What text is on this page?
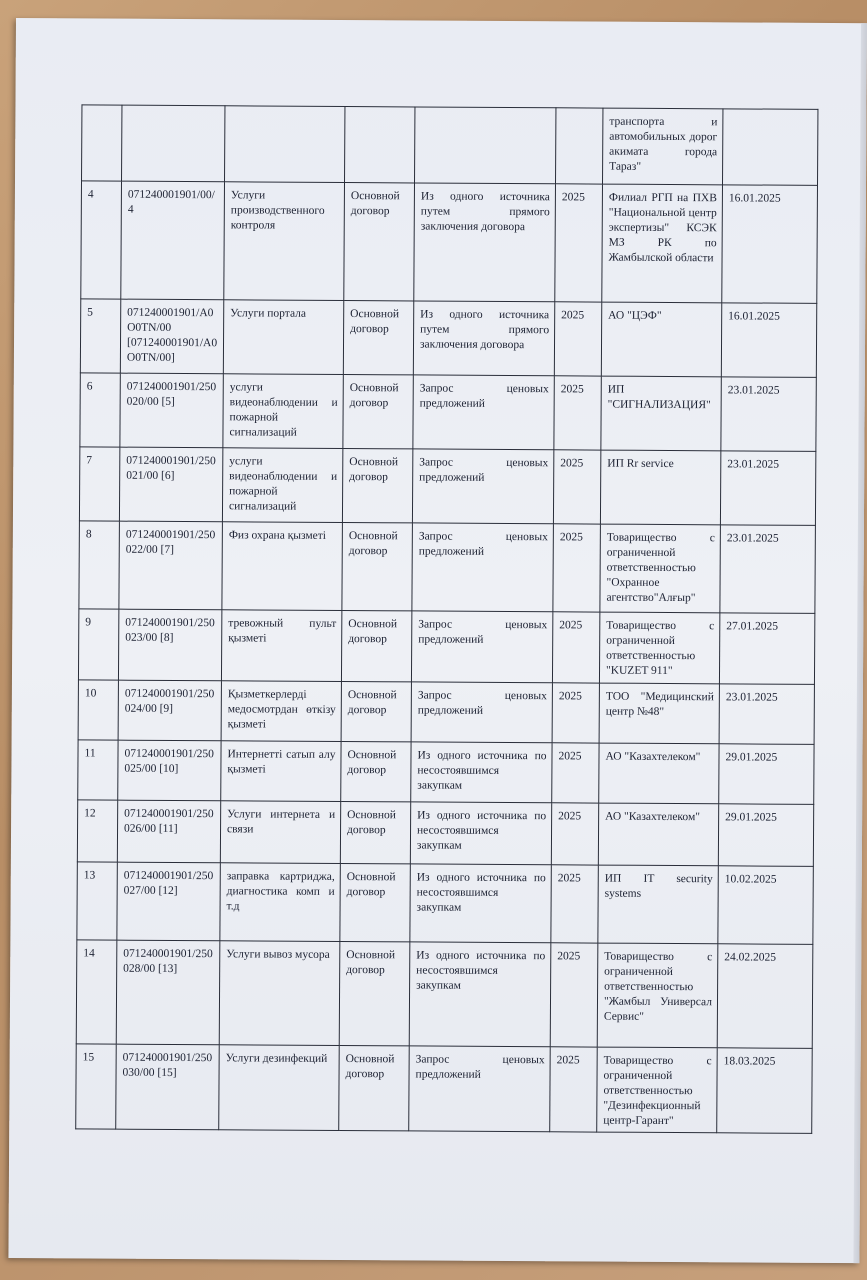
						транспорта и автомобильных дорог акимата города Тараз"	
4	071240001901/00/4	Услуги производственного контроля	Основной договор	Из одного источника путем прямого заключения договора	2025	Филиал РГП на ПХВ "Национальной центр экспертизы" КСЭК МЗ РК по Жамбылской области	16.01.2025
5	071240001901/A0O0TN/00 [071240001901/A0O0TN/00]	Услуги портала	Основной договор	Из одного источника путем прямого заключения договора	2025	АО "ЦЭФ"	16.01.2025
6	071240001901/250020/00 [5]	услуги видеонаблюдении и пожарной сигнализаций	Основной договор	Запрос ценовых предложений	2025	ИП "СИГНАЛИЗАЦИЯ"	23.01.2025
7	071240001901/250021/00 [6]	услуги видеонаблюдении и пожарной сигнализаций	Основной договор	Запрос ценовых предложений	2025	ИП Rr service	23.01.2025
8	071240001901/250022/00 [7]	Физ охрана қызметі	Основной договор	Запрос ценовых предложений	2025	Товарищество с ограниченной ответственностью "Охранное агентство"Алғыр"	23.01.2025
9	071240001901/250023/00 [8]	тревожный пульт қызметі	Основной договор	Запрос ценовых предложений	2025	Товарищество с ограниченной ответственностью "KUZET 911"	27.01.2025
10	071240001901/250024/00 [9]	Қызметкерлерді медосмотрдан өткізу қызметі	Основной договор	Запрос ценовых предложений	2025	ТОО "Медицинский центр №48"	23.01.2025
11	071240001901/250025/00 [10]	Интернетті сатып алу қызметі	Основной договор	Из одного источника по несостоявшимся закупкам	2025	АО "Казахтелеком"	29.01.2025
12	071240001901/250026/00 [11]	Услуги интернета и связи	Основной договор	Из одного источника по несостоявшимся закупкам	2025	АО "Казахтелеком"	29.01.2025
13	071240001901/250027/00 [12]	заправка картриджа, диагностика комп и т.д	Основной договор	Из одного источника по несостоявшимся закупкам	2025	ИП IT security systems	10.02.2025
14	071240001901/250028/00 [13]	Услуги вывоз мусора	Основной договор	Из одного источника по несостоявшимся закупкам	2025	Товарищество с ограниченной ответственностью "Жамбыл Универсал Сервис"	24.02.2025
15	071240001901/250030/00 [15]	Услуги дезинфекций	Основной договор	Запрос ценовых предложений	2025	Товарищество с ограниченной ответственностью "Дезинфекционный центр-Гарант"	18.03.2025
